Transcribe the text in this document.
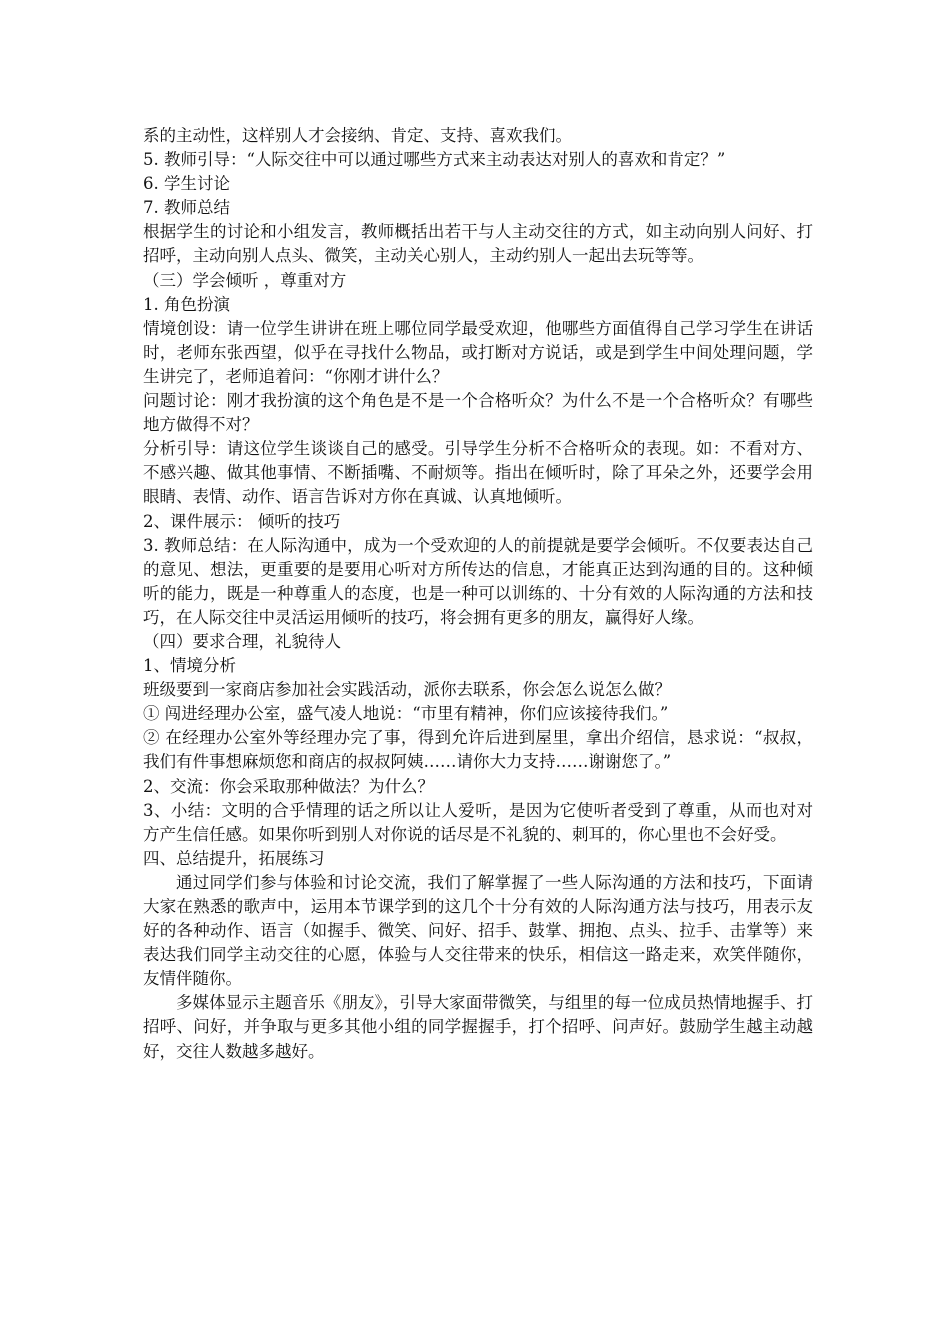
系的主动性，这样别人才会接纳、肯定、支持、喜欢我们。

5. 教师引导：“人际交往中可以通过哪些方式来主动表达对别人的喜欢和肯定？”

6. 学生讨论

7. 教师总结

根据学生的讨论和小组发言，教师概括出若干与人主动交往的方式，如主动向别人问好、打招呼，主动向别人点头、微笑，主动关心别人，主动约别人一起出去玩等等。

（三）学会倾听 ，尊重对方

1. 角色扮演

情境创设：请一位学生讲讲在班上哪位同学最受欢迎，他哪些方面值得自己学习学生在讲话时，老师东张西望，似乎在寻找什么物品，或打断对方说话，或是到学生中间处理问题，学生讲完了，老师追着问：“你刚才讲什么？

问题讨论：刚才我扮演的这个角色是不是一个合格听众？为什么不是一个合格听众？有哪些地方做得不对？

分析引导：请这位学生谈谈自己的感受。引导学生分析不合格听众的表现。如：不看对方、不感兴趣、做其他事情、不断插嘴、不耐烦等。指出在倾听时，除了耳朵之外，还要学会用眼睛、表情、动作、语言告诉对方你在真诚、认真地倾听。

2、课件展示： 倾听的技巧

3. 教师总结：在人际沟通中，成为一个受欢迎的人的前提就是要学会倾听。不仅要表达自己的意见、想法，更重要的是要用心听对方所传达的信息，才能真正达到沟通的目的。这种倾听的能力，既是一种尊重人的态度，也是一种可以训练的、十分有效的人际沟通的方法和技巧，在人际交往中灵活运用倾听的技巧，将会拥有更多的朋友，赢得好人缘。

（四）要求合理，礼貌待人

1、情境分析

班级要到一家商店参加社会实践活动，派你去联系，你会怎么说怎么做？

① 闯进经理办公室，盛气凌人地说：“市里有精神，你们应该接待我们。”

② 在经理办公室外等经理办完了事，得到允许后进到屋里，拿出介绍信，恳求说：“叔叔，我们有件事想麻烦您和商店的叔叔阿姨……请你大力支持……谢谢您了。”

2、交流：你会采取那种做法？为什么？

3、小结：文明的合乎情理的话之所以让人爱听，是因为它使听者受到了尊重，从而也对对方产生信任感。如果你听到别人对你说的话尽是不礼貌的、刺耳的，你心里也不会好受。

四、总结提升，拓展练习

通过同学们参与体验和讨论交流，我们了解掌握了一些人际沟通的方法和技巧，下面请大家在熟悉的歌声中，运用本节课学到的这几个十分有效的人际沟通方法与技巧，用表示友好的各种动作、语言（如握手、微笑、问好、招手、鼓掌、拥抱、点头、拉手、击掌等）来表达我们同学主动交往的心愿，体验与人交往带来的快乐，相信这一路走来，欢笑伴随你，友情伴随你。

多媒体显示主题音乐《朋友》，引导大家面带微笑，与组里的每一位成员热情地握手、打招呼、问好，并争取与更多其他小组的同学握握手，打个招呼、问声好。鼓励学生越主动越好，交往人数越多越好。
